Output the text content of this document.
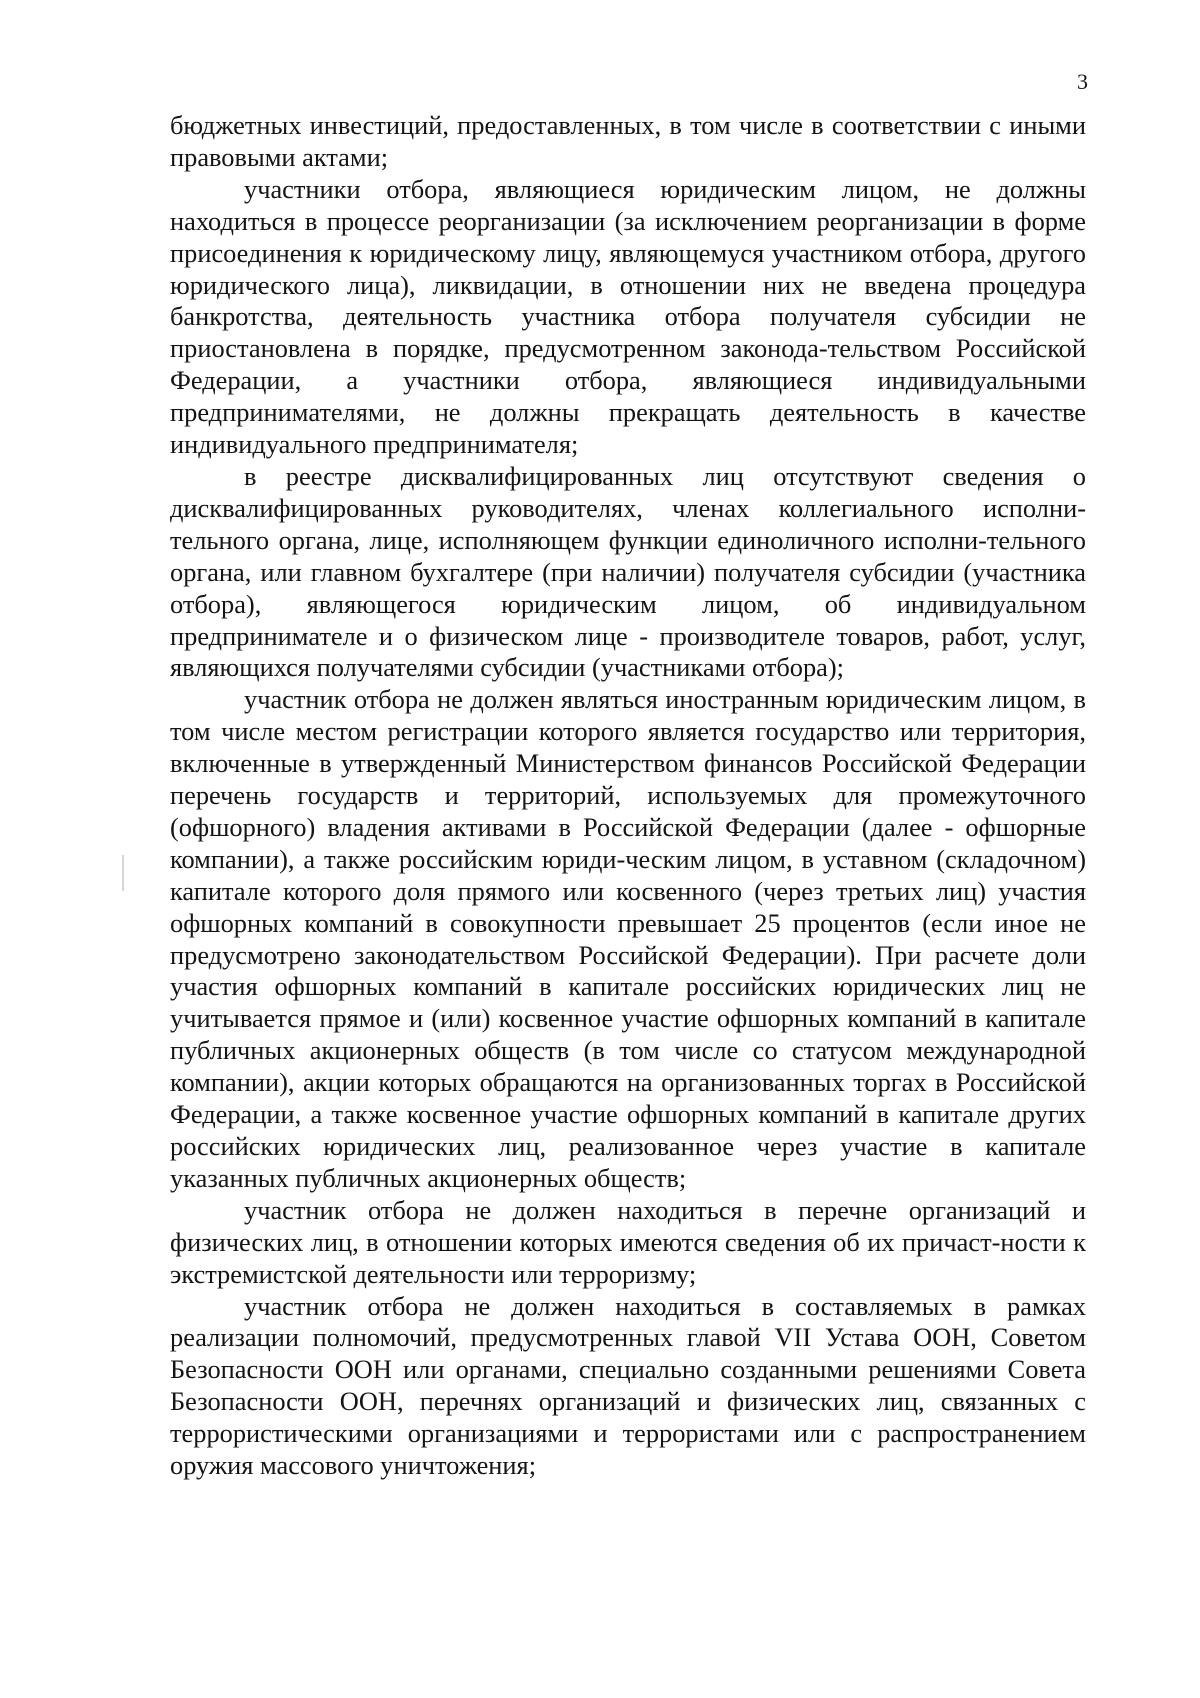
3

бюджетных инвестиций, предоставленных, в том числе в соответствии с иными правовыми актами;

участники отбора, являющиеся юридическим лицом, не должны находиться в процессе реорганизации (за исключением реорганизации в форме присоединения к юридическому лицу, являющемуся участником отбора, другого юридического лица), ликвидации, в отношении них не введена процедура банкротства, деятельность участника отбора получателя субсидии не приостановлена в порядке, предусмотренном законода-тельством Российской Федерации, а участники отбора, являющиеся индивидуальными предпринимателями, не должны прекращать деятельность в качестве индивидуального предпринимателя;

в реестре дисквалифицированных лиц отсутствуют сведения о дисквалифицированных руководителях, членах коллегиального исполни-тельного органа, лице, исполняющем функции единоличного исполни-тельного органа, или главном бухгалтере (при наличии) получателя субсидии (участника отбора), являющегося юридическим лицом, об индивидуальном предпринимателе и о физическом лице - производителе товаров, работ, услуг, являющихся получателями субсидии (участниками отбора);

участник отбора не должен являться иностранным юридическим лицом, в том числе местом регистрации которого является государство или территория, включенные в утвержденный Министерством финансов Российской Федерации перечень государств и территорий, используемых для промежуточного (офшорного) владения активами в Российской Федерации (далее - офшорные компании), а также российским юриди-ческим лицом, в уставном (складочном) капитале которого доля прямого или косвенного (через третьих лиц) участия офшорных компаний в совокупности превышает 25 процентов (если иное не предусмотрено законодательством Российской Федерации). При расчете доли участия офшорных компаний в капитале российских юридических лиц не учитывается прямое и (или) косвенное участие офшорных компаний в капитале публичных акционерных обществ (в том числе со статусом международной компании), акции которых обращаются на организованных торгах в Российской Федерации, а также косвенное участие офшорных компаний в капитале других российских юридических лиц, реализованное через участие в капитале указанных публичных акционерных обществ;

участник отбора не должен находиться в перечне организаций и физических лиц, в отношении которых имеются сведения об их причаст-ности к экстремистской деятельности или терроризму;

участник отбора не должен находиться в составляемых в рамках реализации полномочий, предусмотренных главой VII Устава ООН, Советом Безопасности ООН или органами, специально созданными решениями Совета Безопасности ООН, перечнях организаций и физических лиц, связанных с террористическими организациями и террористами или с распространением оружия массового уничтожения;
